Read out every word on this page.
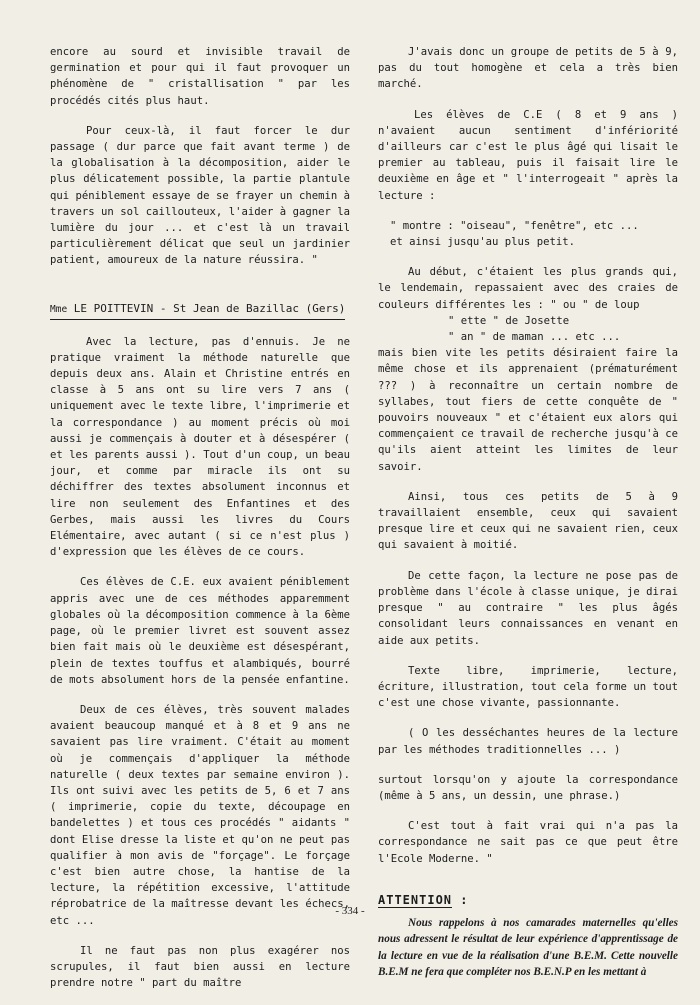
encore au sourd et invisible travail de germination et pour qui il faut provoquer un phénomène de " cristallisation " par les procédés cités plus haut.

Pour ceux-là, il faut forcer le dur passage ( dur parce que fait avant terme ) de la globalisation à la décomposition, aider le plus délicatement possible, la partie plantule qui péniblement essaye de se frayer un chemin à travers un sol caillouteux, l'aider à gagner la lumière du jour ... et c'est là un travail particulièrement délicat que seul un jardinier patient, amoureux de la nature réussira. "

Mme LE POITTEVIN - St Jean de Bazillac (Gers)

Avec la lecture, pas d'ennuis. Je ne pratique vraiment la méthode naturelle que depuis deux ans. Alain et Christine entrés en classe à 5 ans ont su lire vers 7 ans ( uniquement avec le texte libre, l'imprimerie et la correspondance ) au moment précis où moi aussi je commençais à douter et à désespérer ( et les parents aussi ). Tout d'un coup, un beau jour, et comme par miracle ils ont su déchiffrer des textes absolument inconnus et lire non seulement des Enfantines et des Gerbes, mais aussi les livres du Cours Elémentaire, avec autant ( si ce n'est plus ) d'expression que les élèves de ce cours.

Ces élèves de C.E. eux avaient péniblement appris avec une de ces méthodes apparemment globales où la décomposition commence à la 6ème page, où le premier livret est souvent assez bien fait mais où le deuxième est désespérant, plein de textes touffus et alambiqués, bourré de mots absolument hors de la pensée enfantine.

Deux de ces élèves, très souvent malades avaient beaucoup manqué et à 8 et 9 ans ne savaient pas lire vraiment. C'était au moment où je commençais d'appliquer la méthode naturelle ( deux textes par semaine environ ). Ils ont suivi avec les petits de 5, 6 et 7 ans ( imprimerie, copie du texte, découpage en bandelettes ) et tous ces procédés " aidants " dont Elise dresse la liste et qu'on ne peut pas qualifier à mon avis de "forçage". Le forçage c'est bien autre chose, la hantise de la lecture, la répétition excessive, l'attitude réprobatrice de la maîtresse devant les échecs, etc ...

Il ne faut pas non plus exagérer nos scrupules, il faut bien aussi en lecture prendre notre " part du maître

J'avais donc un groupe de petits de 5 à 9, pas du tout homogène et cela a très bien marché.

Les élèves de C.E ( 8 et 9 ans ) n'avaient aucun sentiment d'infériorité d'ailleurs car c'est le plus âgé qui lisait le premier au tableau, puis il faisait lire le deuxième en âge et " l'interrogeait " après la lecture :

" montre : "oiseau", "fenêtre", etc ...

et ainsi jusqu'au plus petit.

Au début, c'étaient les plus grands qui, le lendemain, repassaient avec des craies de couleurs différentes les : " ou " de loup

" ette " de Josette

" an " de maman ... etc ...

mais bien vite les petits désiraient faire la même chose et ils apprenaient (prématurément ??? ) à reconnaître un certain nombre de syllabes, tout fiers de cette conquête de " pouvoirs nouveaux " et c'étaient eux alors qui commençaient ce travail de recherche jusqu'à ce qu'ils aient atteint les limites de leur savoir.

Ainsi, tous ces petits de 5 à 9 travaillaient ensemble, ceux qui savaient presque lire et ceux qui ne savaient rien, ceux qui savaient à moitié.

De cette façon, la lecture ne pose pas de problème dans l'école à classe unique, je dirai presque " au contraire " les plus âgés consolidant leurs connaissances en venant en aide aux petits.

Texte libre, imprimerie, lecture, écriture, illustration, tout cela forme un tout c'est une chose vivante, passionnante.

( O les desséchantes heures de la lecture par les méthodes traditionnelles ... )

surtout lorsqu'on y ajoute la correspondance (même à 5 ans, un dessin, une phrase.)

C'est tout à fait vrai qui n'a pas la correspondance ne sait pas ce que peut être l'Ecole Moderne. "

ATTENTION :

Nous rappelons à nos camarades maternelles qu'elles nous adressent le résultat de leur expérience d'apprentissage de la lecture en vue de la réalisation d'une B.E.M. Cette nouvelle B.E.M ne fera que compléter nos B.E.N.P en les mettant à

- 334 -
